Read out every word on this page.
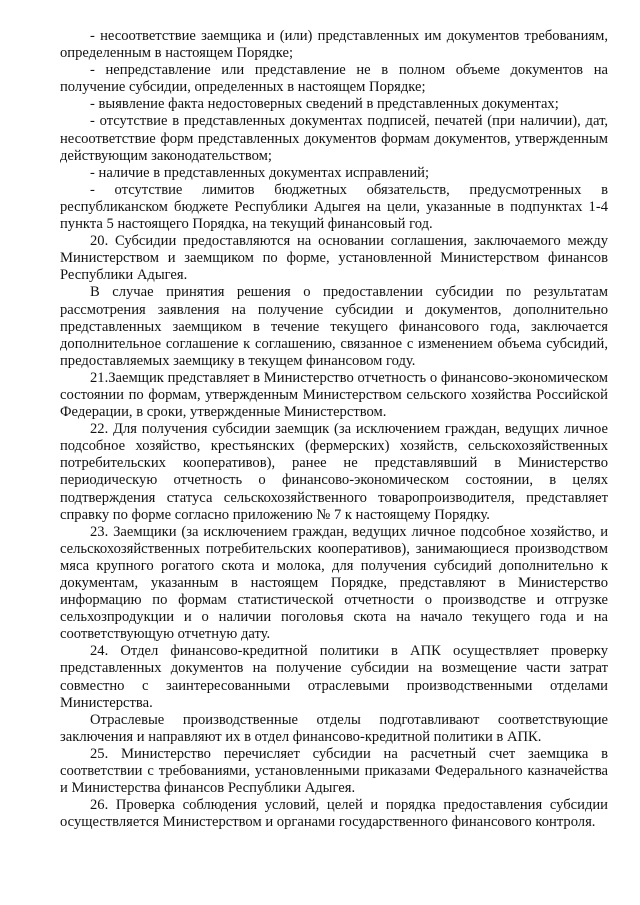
- несоответствие заемщика и (или) представленных им документов требованиям, определенным в настоящем Порядке;

- непредставление или представление не в полном объеме документов на получение субсидии, определенных в настоящем Порядке;

- выявление факта недостоверных сведений в представленных документах;

- отсутствие в представленных документах подписей, печатей (при наличии), дат, несоответствие форм представленных документов формам документов, утвержденным действующим законодательством;

- наличие в представленных документах исправлений;

- отсутствие лимитов бюджетных обязательств, предусмотренных в республиканском бюджете Республики Адыгея на цели, указанные в подпунктах 1-4 пункта 5 настоящего Порядка, на текущий финансовый год.

20. Субсидии предоставляются на основании соглашения, заключаемого между Министерством и заемщиком по форме, установленной Министерством финансов Республики Адыгея.

В случае принятия решения о предоставлении субсидии по результатам рассмотрения заявления на получение субсидии и документов, дополнительно представленных заемщиком в течение текущего финансового года, заключается дополнительное соглашение к соглашению, связанное с изменением объема субсидий, предоставляемых заемщику в текущем финансовом году.

21.Заемщик представляет в Министерство отчетность о финансово-экономическом состоянии по формам, утвержденным Министерством сельского хозяйства Российской Федерации, в сроки, утвержденные Министерством.

22. Для получения субсидии заемщик (за исключением граждан, ведущих личное подсобное хозяйство, крестьянских (фермерских) хозяйств, сельскохозяйственных потребительских кооперативов), ранее не представлявший в Министерство периодическую отчетность о финансово-экономическом состоянии, в целях подтверждения статуса сельскохозяйственного товаропроизводителя, представляет справку по форме согласно приложению № 7 к настоящему Порядку.

23. Заемщики (за исключением граждан, ведущих личное подсобное хозяйство, и сельскохозяйственных потребительских кооперативов), занимающиеся производством мяса крупного рогатого скота и молока, для получения субсидий дополнительно к документам, указанным в настоящем Порядке, представляют в Министерство информацию по формам статистической отчетности о производстве и отгрузке сельхозпродукции и о наличии поголовья скота на начало текущего года и на соответствующую отчетную дату.

24. Отдел финансово-кредитной политики в АПК осуществляет проверку представленных документов на получение субсидии на возмещение части затрат совместно с заинтересованными отраслевыми производственными отделами Министерства.

Отраслевые производственные отделы подготавливают соответствующие заключения и направляют их в отдел финансово-кредитной политики в АПК.

25. Министерство перечисляет субсидии на расчетный счет заемщика в соответствии с требованиями, установленными приказами Федерального казначейства и Министерства финансов Республики Адыгея.

26. Проверка соблюдения условий, целей и порядка предоставления субсидии осуществляется Министерством и органами государственного финансового контроля.
